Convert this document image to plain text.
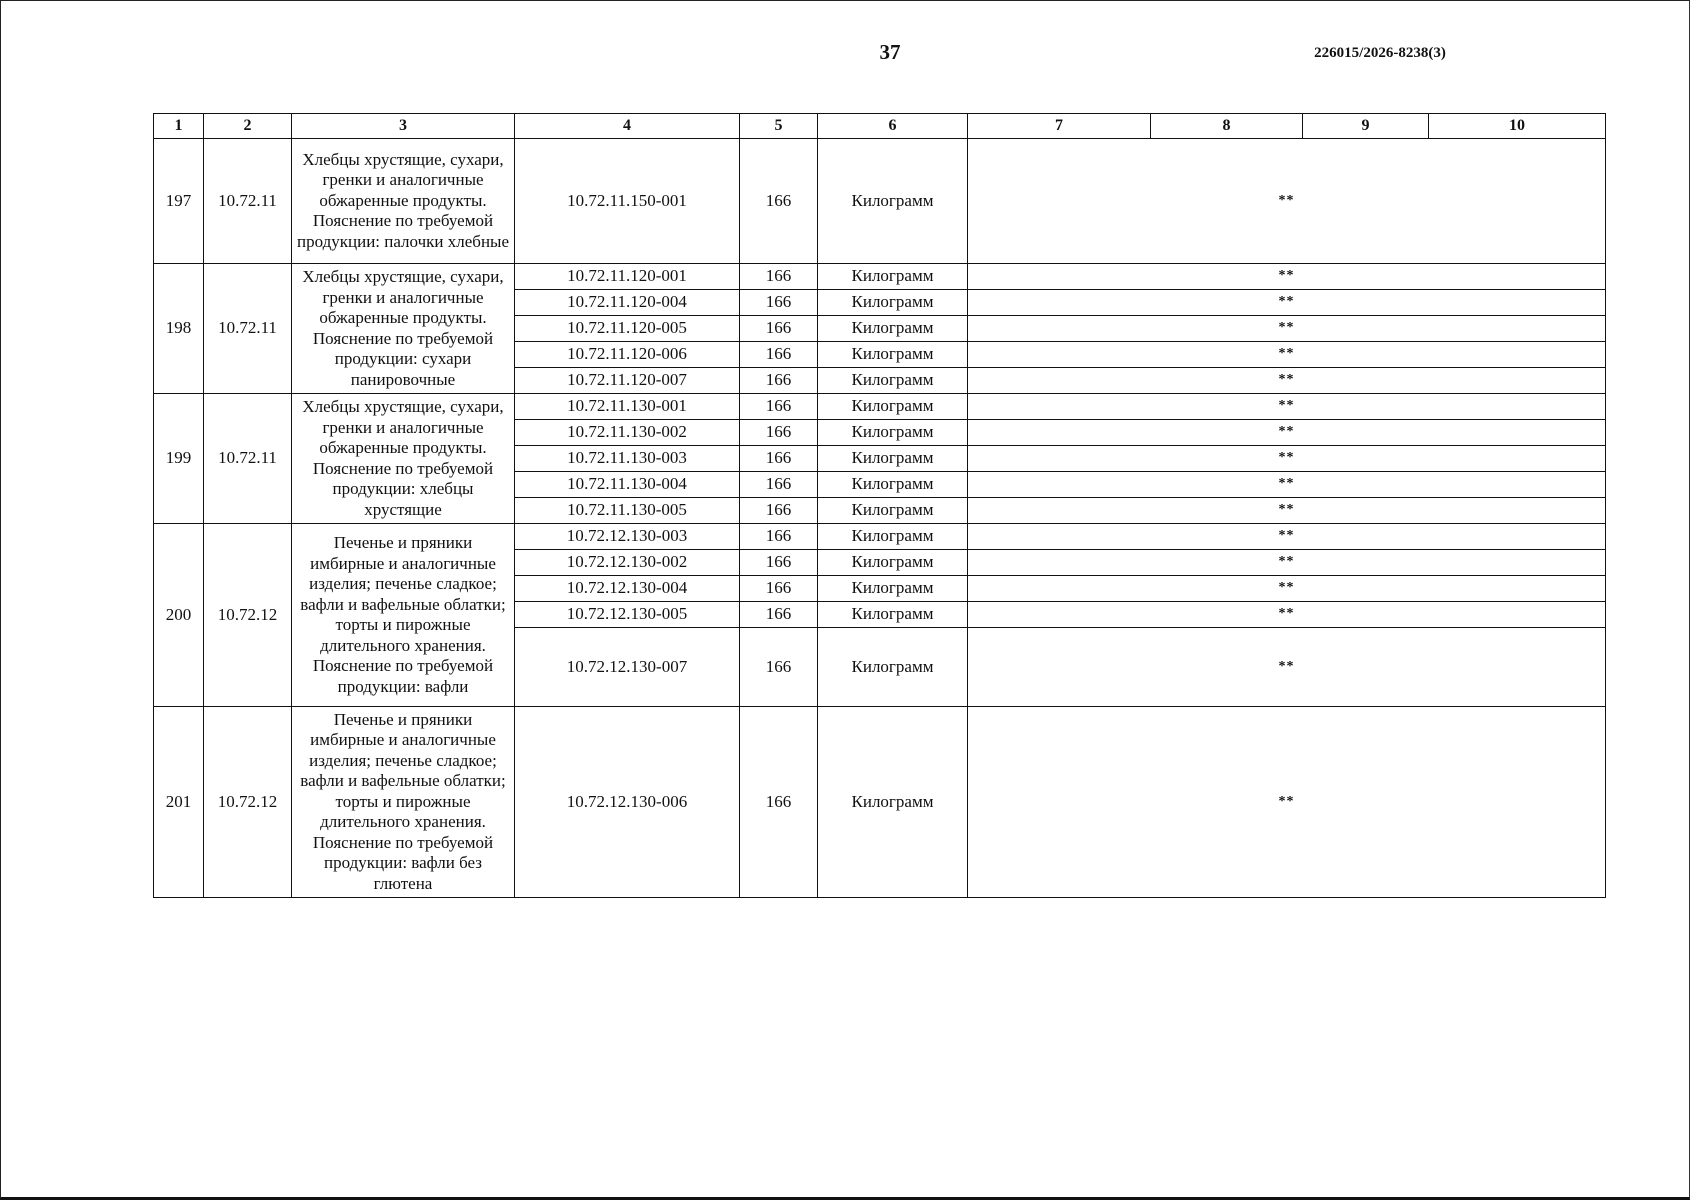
37	226015/2026-8238(3)
1	2	3	4	5	6	7	8	9	10
197	10.72.11	Хлебцы хрустящие, сухари, гренки и аналогичные обжаренные продукты. Пояснение по требуемой продукции: палочки хлебные	10.72.11.150-001	166	Килограмм	**			
198	10.72.11	Хлебцы хрустящие, сухари, гренки и аналогичные обжаренные продукты. Пояснение по требуемой продукции: сухари панировочные	10.72.11.120-001	166	Килограмм	**			
			10.72.11.120-004	166	Килограмм	**			
			10.72.11.120-005	166	Килограмм	**			
			10.72.11.120-006	166	Килограмм	**			
			10.72.11.120-007	166	Килограмм	**			
199	10.72.11	Хлебцы хрустящие, сухари, гренки и аналогичные обжаренные продукты. Пояснение по требуемой продукции: хлебцы хрустящие	10.72.11.130-001	166	Килограмм	**			
			10.72.11.130-002	166	Килограмм	**			
			10.72.11.130-003	166	Килограмм	**			
			10.72.11.130-004	166	Килограмм	**			
			10.72.11.130-005	166	Килограмм	**			
200	10.72.12	Печенье и пряники имбирные и аналогичные изделия; печенье сладкое; вафли и вафельные облатки; торты и пирожные длительного хранения. Пояснение по требуемой продукции: вафли	10.72.12.130-003	166	Килограмм	**			
			10.72.12.130-002	166	Килограмм	**			
			10.72.12.130-004	166	Килограмм	**			
			10.72.12.130-005	166	Килограмм	**			
			10.72.12.130-007	166	Килограмм	**			
201	10.72.12	Печенье и пряники имбирные и аналогичные изделия; печенье сладкое; вафли и вафельные облатки; торты и пирожные длительного хранения. Пояснение по требуемой продукции: вафли без глютена	10.72.12.130-006	166	Килограмм	**			
